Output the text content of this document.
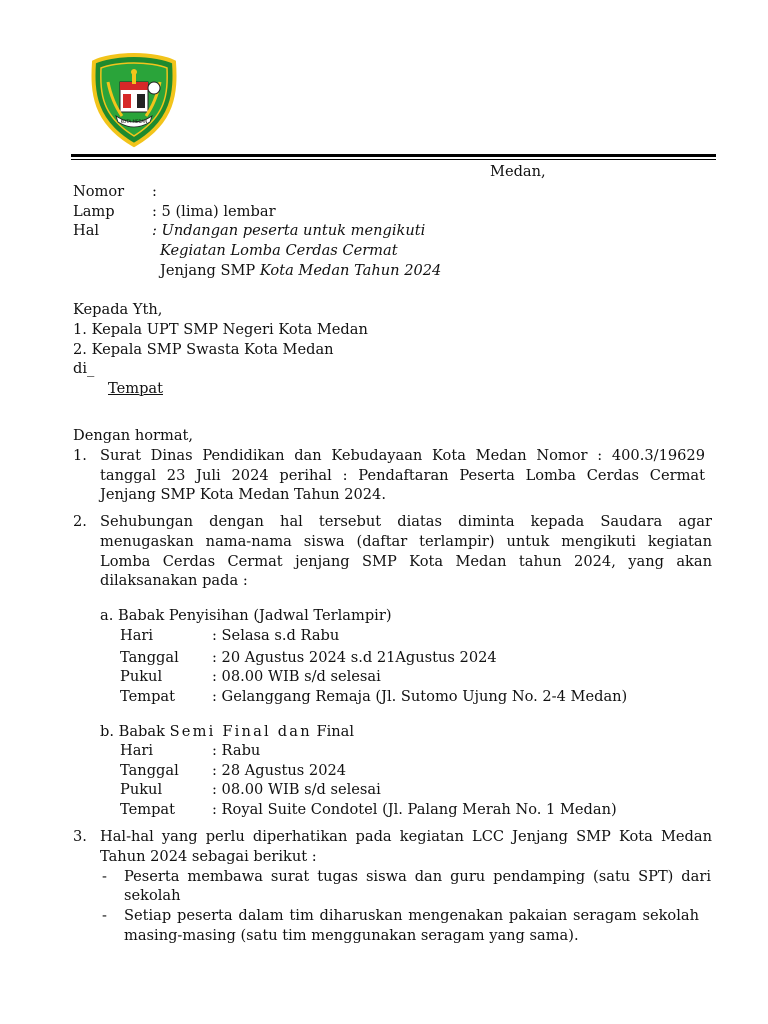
KOTA MEDAN
Medan,
Nomor :
Lamp	: 5 (lima) lembar
Hal	: Undangan peserta untuk mengikuti
Kegiatan Lomba Cerdas Cermat
Jenjang SMP Kota Medan Tahun 2024
Kepada Yth,
1. Kepala UPT SMP Negeri Kota Medan
2. Kepala SMP Swasta Kota Medan
di_
Tempat
Dengan hormat,
1. Surat Dinas Pendidikan dan Kebudayaan Kota Medan Nomor : 400.3/19629
tanggal 23 Juli 2024 perihal : Pendaftaran Peserta Lomba Cerdas Cermat
Jenjang SMP Kota Medan Tahun 2024.
2. Sehubungan dengan hal tersebut diatas diminta kepada Saudara agar
menugaskan nama-nama siswa (daftar terlampir) untuk mengikuti kegiatan
Lomba Cerdas Cermat jenjang SMP Kota Medan tahun 2024, yang akan
dilaksanakan pada :
a. Babak Penyisihan (Jadwal Terlampir)
Hari	: Selasa s.d Rabu
Tanggal : 20 Agustus 2024 s.d 21Agustus 2024
Pukul	: 08.00 WIB s/d selesai
Tempat	: Gelanggang Remaja (Jl. Sutomo Ujung No. 2-4 Medan)
b. Babak Semi Final dan Final
Hari	: Rabu
Tanggal : 28 Agustus 2024
Pukul	: 08.00 WIB s/d selesai
Tempat	: Royal Suite Condotel (Jl. Palang Merah No. 1 Medan)
3. Hal-hal yang perlu diperhatikan pada kegiatan LCC Jenjang SMP Kota Medan
Tahun 2024 sebagai berikut :
- Peserta membawa surat tugas siswa dan guru pendamping (satu SPT) dari
sekolah
- Setiap peserta dalam tim diharuskan mengenakan pakaian seragam sekolah
masing-masing (satu tim menggunakan seragam yang sama).
